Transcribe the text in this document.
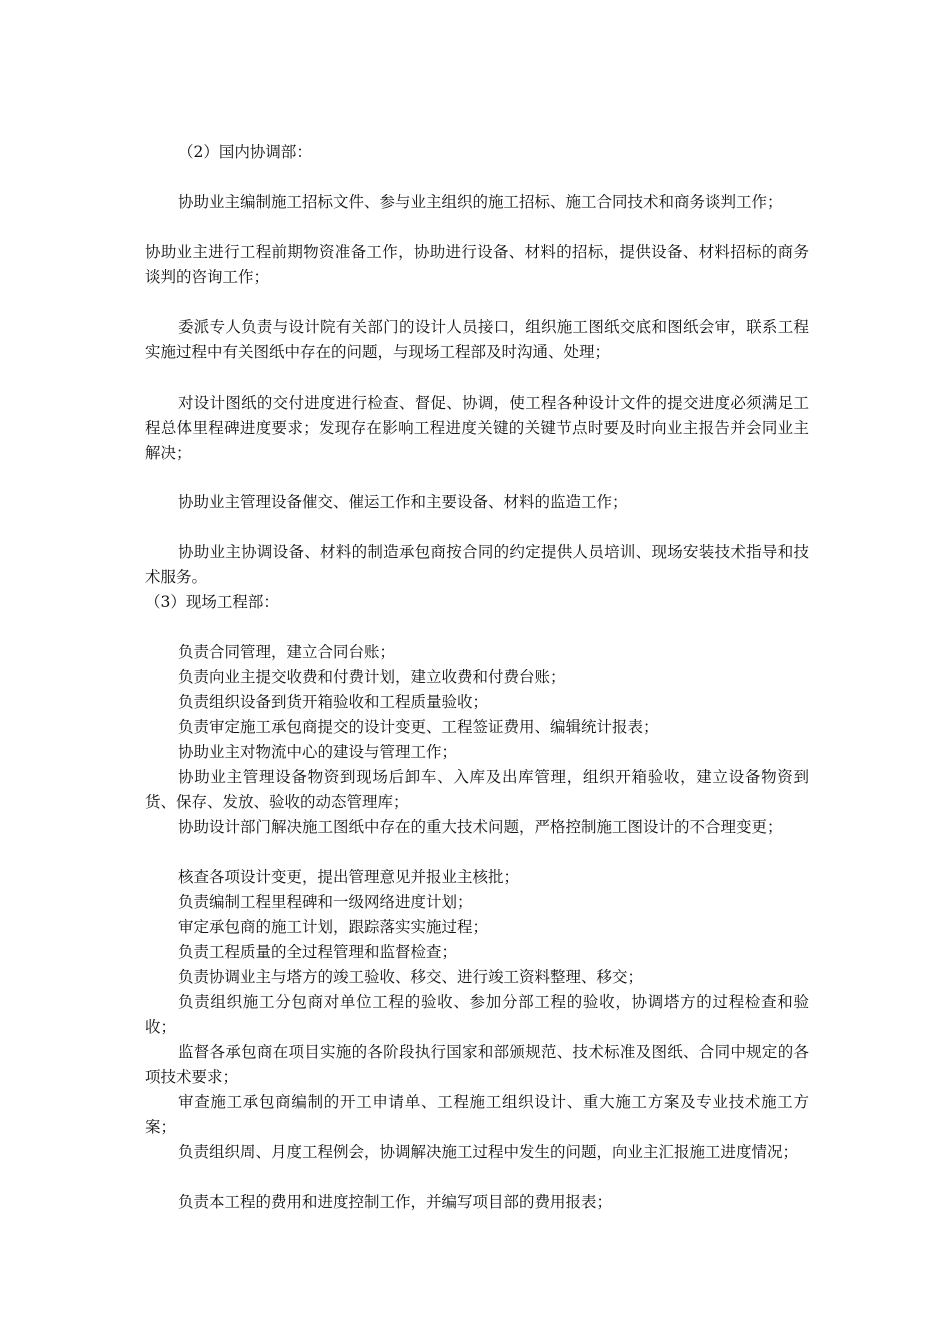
（2）国内协调部：

协助业主编制施工招标文件、参与业主组织的施工招标、施工合同技术和商务谈判工作；

协助业主进行工程前期物资准备工作，协助进行设备、材料的招标，提供设备、材料招标的商务谈判的咨询工作；

委派专人负责与设计院有关部门的设计人员接口，组织施工图纸交底和图纸会审，联系工程实施过程中有关图纸中存在的问题，与现场工程部及时沟通、处理；

对设计图纸的交付进度进行检查、督促、协调，使工程各种设计文件的提交进度必须满足工程总体里程碑进度要求；发现存在影响工程进度关键的关键节点时要及时向业主报告并会同业主解决；

协助业主管理设备催交、催运工作和主要设备、材料的监造工作；

协助业主协调设备、材料的制造承包商按合同的约定提供人员培训、现场安装技术指导和技术服务。

（3）现场工程部：

负责合同管理，建立合同台账；

负责向业主提交收费和付费计划，建立收费和付费台账；

负责组织设备到货开箱验收和工程质量验收；

负责审定施工承包商提交的设计变更、工程签证费用、编辑统计报表；

协助业主对物流中心的建设与管理工作；

协助业主管理设备物资到现场后卸车、入库及出库管理，组织开箱验收，建立设备物资到货、保存、发放、验收的动态管理库；

协助设计部门解决施工图纸中存在的重大技术问题，严格控制施工图设计的不合理变更；

核查各项设计变更，提出管理意见并报业主核批；

负责编制工程里程碑和一级网络进度计划；

审定承包商的施工计划，跟踪落实实施过程；

负责工程质量的全过程管理和监督检查；

负责协调业主与塔方的竣工验收、移交、进行竣工资料整理、移交；

负责组织施工分包商对单位工程的验收、参加分部工程的验收，协调塔方的过程检查和验收；

监督各承包商在项目实施的各阶段执行国家和部颁规范、技术标准及图纸、合同中规定的各项技术要求；

审查施工承包商编制的开工申请单、工程施工组织设计、重大施工方案及专业技术施工方案；

负责组织周、月度工程例会，协调解决施工过程中发生的问题，向业主汇报施工进度情况；

负责本工程的费用和进度控制工作，并编写项目部的费用报表；
